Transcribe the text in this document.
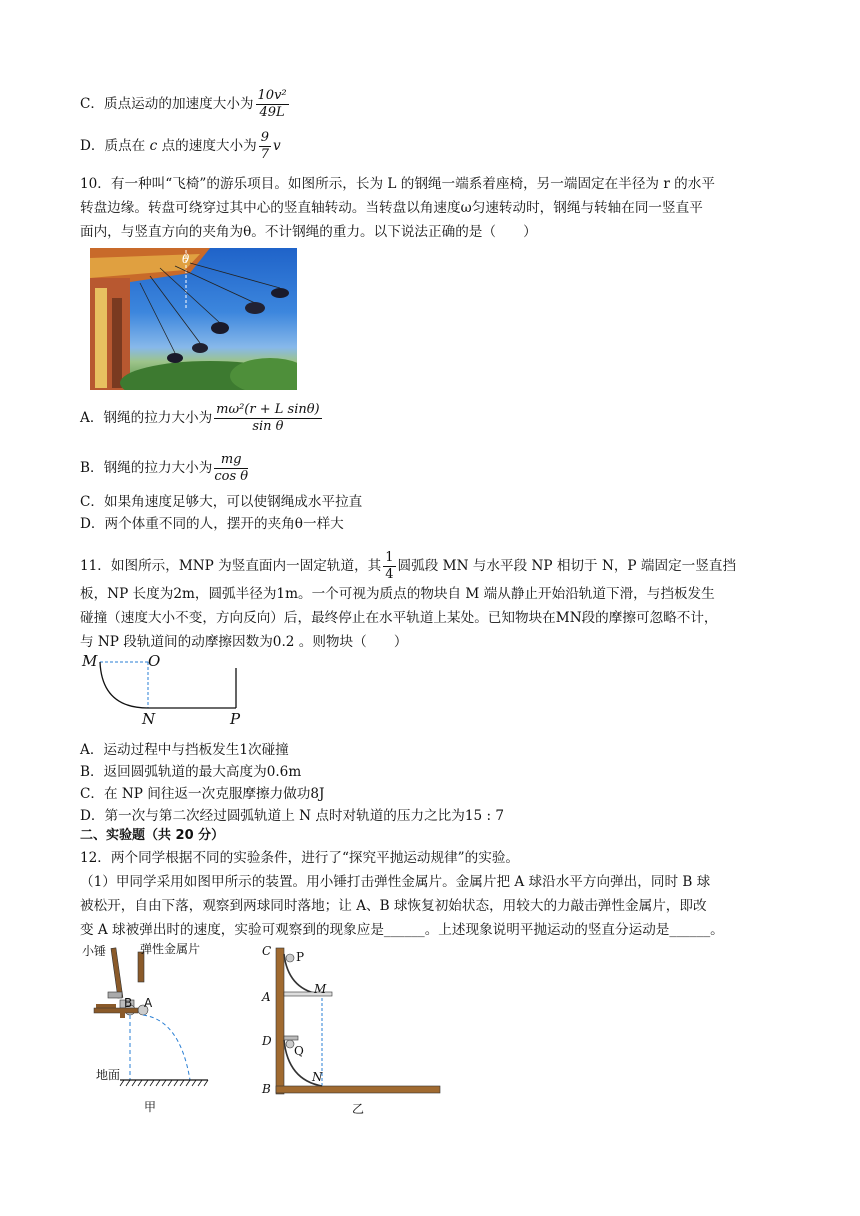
C．质点运动的加速度大小为 $\frac{\text{10v²}}{49L}$
D．质点在 c 点的速度大小为 $\frac{9}{7}$ v
10．有一种叫“飞椅”的游乐项目。如图所示，长为 L 的钢绳一端系着座椅，另一端固定在半径为 r 的水平
转盘边缘。转盘可绕穿过其中心的竖直轴转动。当转盘以角速度ω匀速转动时，钢绳与转轴在同一竖直平
面内，与竖直方向的夹角为θ。不计钢绳的重力。以下说法正确的是（　　）
θ
A．钢绳的拉力大小为 $\frac{\text{mω²(r + L sinθ)}}{\text{sin θ}}$
B．钢绳的拉力大小为 $\frac{mg}{\text{cos θ}}$
C．如果角速度足够大，可以使钢绳成水平拉直
D．两个体重不同的人，摆开的夹角θ一样大
11．如图所示，MNP 为竖直面内一固定轨道，其 $\frac{1}{4}$ 圆弧段 MN 与水平段 NP 相切于 N，P 端固定一竖直挡
板，NP 长度为2m，圆弧半径为1m。一个可视为质点的物块自 M 端从静止开始沿轨道下滑，与挡板发生
碰撞（速度大小不变，方向反向）后，最终停止在水平轨道上某处。已知物块在MN段的摩擦可忽略不计，
与 NP 段轨道间的动摩擦因数为0.2 。则物块（　　）
M	O
N	P
A．运动过程中与挡板发生1次碰撞
B．返回圆弧轨道的最大高度为0.6m
C．在 NP 间往返一次克服摩擦力做功8J
D．第一次与第二次经过圆弧轨道上 N 点时对轨道的压力之比为15 : 7
二、实验题（共 20 分）
12．两个同学根据不同的实验条件，进行了“探究平抛运动规律”的实验。
（1）甲同学采用如图甲所示的装置。用小锤打击弹性金属片。金属片把 A 球沿水平方向弹出，同时 B 球
被松开，自由下落，观察到两球同时落地；让 A、B 球恢复初始状态，用较大的力敲击弹性金属片，即改
变 A 球被弹出时的速度，实验可观察到的现象应是______。上述现象说明平抛运动的竖直分运动是______。
小锤	弹性金属片
B A
地面
甲
C P
M
A
D
Q
N
B
乙
